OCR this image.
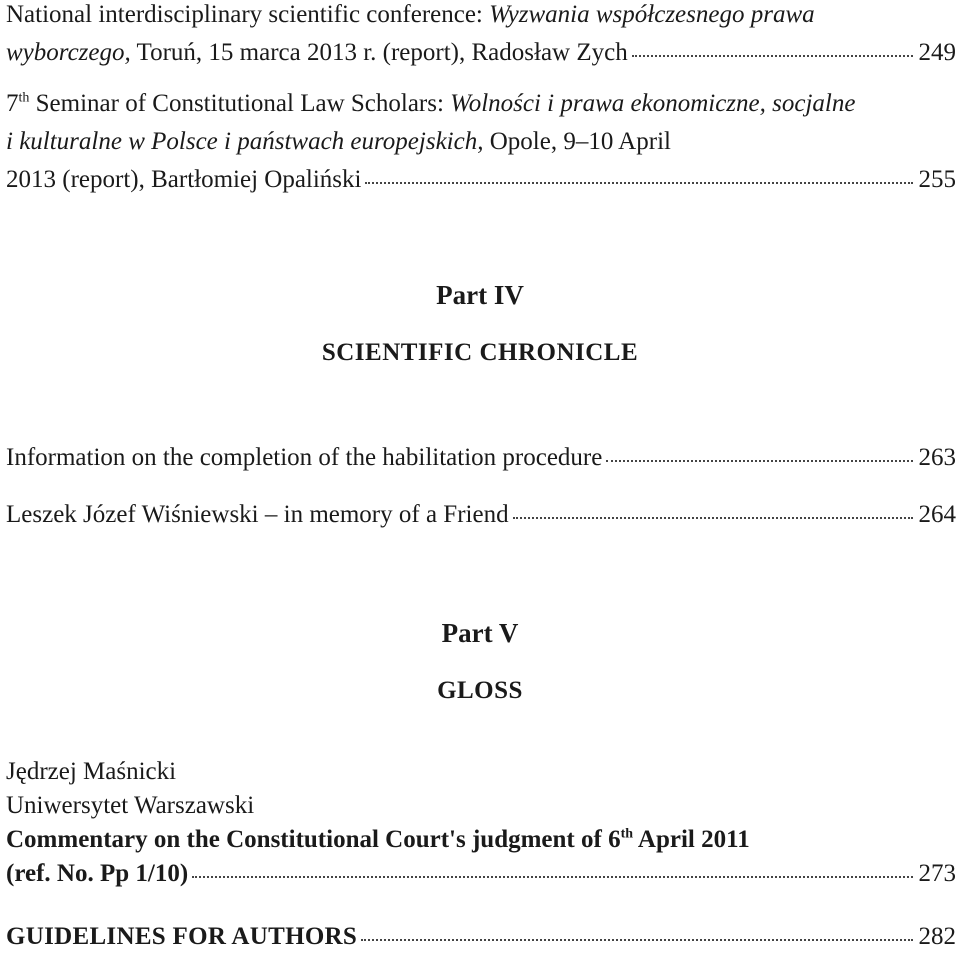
National interdisciplinary scientific conference: Wyzwania współczesnego prawa
wyborczego, Toruń, 15 marca 2013 r. (report), Radosław Zych	249
7th Seminar of Constitutional Law Scholars: Wolności i prawa ekonomiczne, socjalne
i kulturalne w Polsce i państwach europejskich, Opole, 9–10 April
2013 (report), Bartłomiej Opaliński	255
Part IV
SCIENTIFIC CHRONICLE
Information on the completion of the habilitation procedure	263
Leszek Józef Wiśniewski – in memory of a Friend	264
Part V
GLOSS
Jędrzej Maśnicki
Uniwersytet Warszawski
Commentary on the Constitutional Court's judgment of 6th April 2011
(ref. No. Pp 1/10)	273
GUIDELINES FOR AUTHORS	282
